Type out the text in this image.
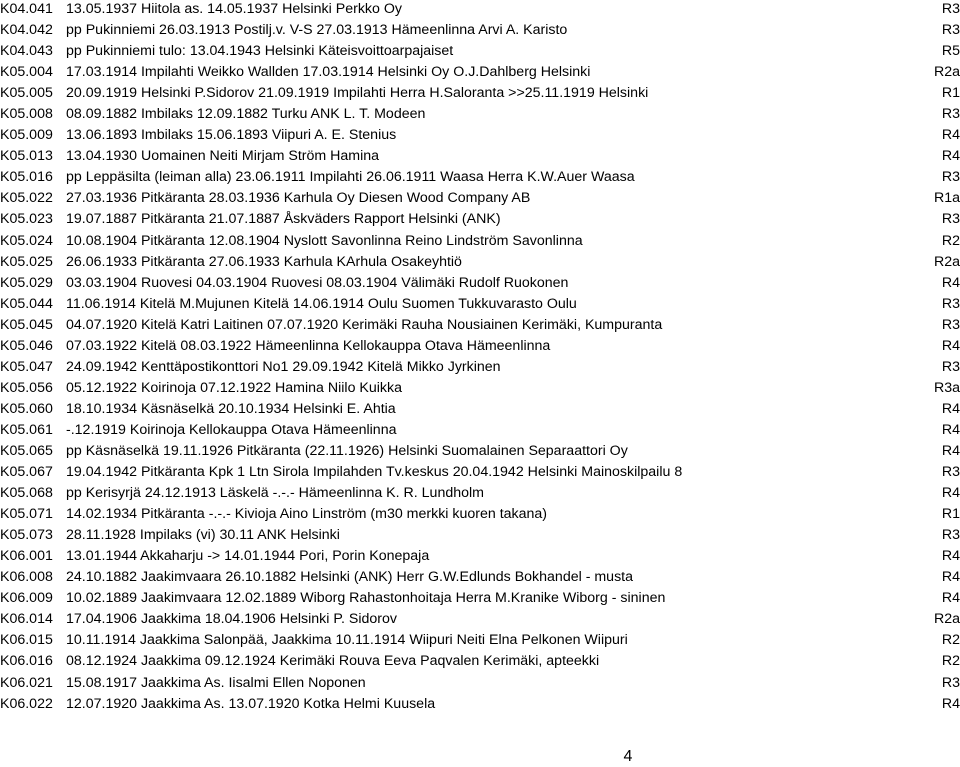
K04.041 13.05.1937 Hiitola as. 14.05.1937 Helsinki Perkko Oy	R3
K04.042 pp Pukinniemi 26.03.1913 Postilj.v. V-S 27.03.1913 Hämeenlinna Arvi A. Karisto	R3
K04.043 pp Pukinniemi tulo: 13.04.1943 Helsinki Käteisvoittoarpajaiset	R5
K05.004 17.03.1914 Impilahti Weikko Wallden 17.03.1914 Helsinki Oy O.J.Dahlberg Helsinki	R2a
K05.005 20.09.1919 Helsinki P.Sidorov 21.09.1919 Impilahti Herra H.Saloranta >>25.11.1919 Helsinki	R1
K05.008 08.09.1882 Imbilaks 12.09.1882 Turku ANK L. T. Modeen	R3
K05.009 13.06.1893 Imbilaks 15.06.1893 Viipuri A. E. Stenius	R4
K05.013 13.04.1930 Uomainen Neiti Mirjam Ström Hamina	R4
K05.016 pp Leppäsilta (leiman alla) 23.06.1911 Impilahti 26.06.1911 Waasa Herra K.W.Auer Waasa	R3
K05.022 27.03.1936 Pitkäranta 28.03.1936 Karhula Oy Diesen Wood Company AB	R1a
K05.023 19.07.1887 Pitkäranta 21.07.1887 Åskväders Rapport Helsinki (ANK)	R3
K05.024 10.08.1904 Pitkäranta 12.08.1904 Nyslott Savonlinna Reino Lindström Savonlinna	R2
K05.025 26.06.1933 Pitkäranta 27.06.1933 Karhula KArhula Osakeyhtiö	R2a
K05.029 03.03.1904 Ruovesi 04.03.1904 Ruovesi 08.03.1904 Välimäki Rudolf Ruokonen	R4
K05.044 11.06.1914 Kitelä M.Mujunen Kitelä 14.06.1914 Oulu Suomen Tukkuvarasto Oulu	R3
K05.045 04.07.1920 Kitelä Katri Laitinen 07.07.1920 Kerimäki Rauha Nousiainen Kerimäki, Kumpuranta	R3
K05.046 07.03.1922 Kitelä 08.03.1922 Hämeenlinna Kellokauppa Otava Hämeenlinna	R4
K05.047 24.09.1942 Kenttäpostikonttori No1 29.09.1942 Kitelä Mikko Jyrkinen	R3
K05.056 05.12.1922 Koirinoja 07.12.1922 Hamina Niilo Kuikka	R3a
K05.060 18.10.1934 Käsnäselkä 20.10.1934 Helsinki E. Ahtia	R4
K05.061 -.12.1919 Koirinoja Kellokauppa Otava Hämeenlinna	R4
K05.065 pp Käsnäselkä 19.11.1926 Pitkäranta (22.11.1926) Helsinki Suomalainen Separaattori Oy	R4
K05.067 19.04.1942 Pitkäranta Kpk 1 Ltn Sirola Impilahden Tv.keskus 20.04.1942 Helsinki Mainoskilpailu 8	R3
K05.068 pp Kerisyrjä 24.12.1913 Läskelä -.-.- Hämeenlinna K. R. Lundholm	R4
K05.071 14.02.1934 Pitkäranta -.-.- Kivioja Aino Linström (m30 merkki kuoren takana)	R1
K05.073 28.11.1928 Impilaks (vi) 30.11 ANK Helsinki	R3
K06.001 13.01.1944 Akkaharju -> 14.01.1944 Pori, Porin Konepaja	R4
K06.008 24.10.1882 Jaakimvaara 26.10.1882 Helsinki (ANK) Herr G.W.Edlunds Bokhandel - musta	R4
K06.009 10.02.1889 Jaakimvaara 12.02.1889 Wiborg Rahastonhoitaja Herra M.Kranike Wiborg - sininen	R4
K06.014 17.04.1906 Jaakkima 18.04.1906 Helsinki P. Sidorov	R2a
K06.015 10.11.1914 Jaakkima Salonpää, Jaakkima 10.11.1914 Wiipuri Neiti Elna Pelkonen Wiipuri	R2
K06.016 08.12.1924 Jaakkima 09.12.1924 Kerimäki Rouva Eeva Paqvalen Kerimäki, apteekki	R2
K06.021 15.08.1917 Jaakkima As. Iisalmi Ellen Noponen	R3
K06.022 12.07.1920 Jaakkima As. 13.07.1920 Kotka Helmi Kuusela	R4
4
